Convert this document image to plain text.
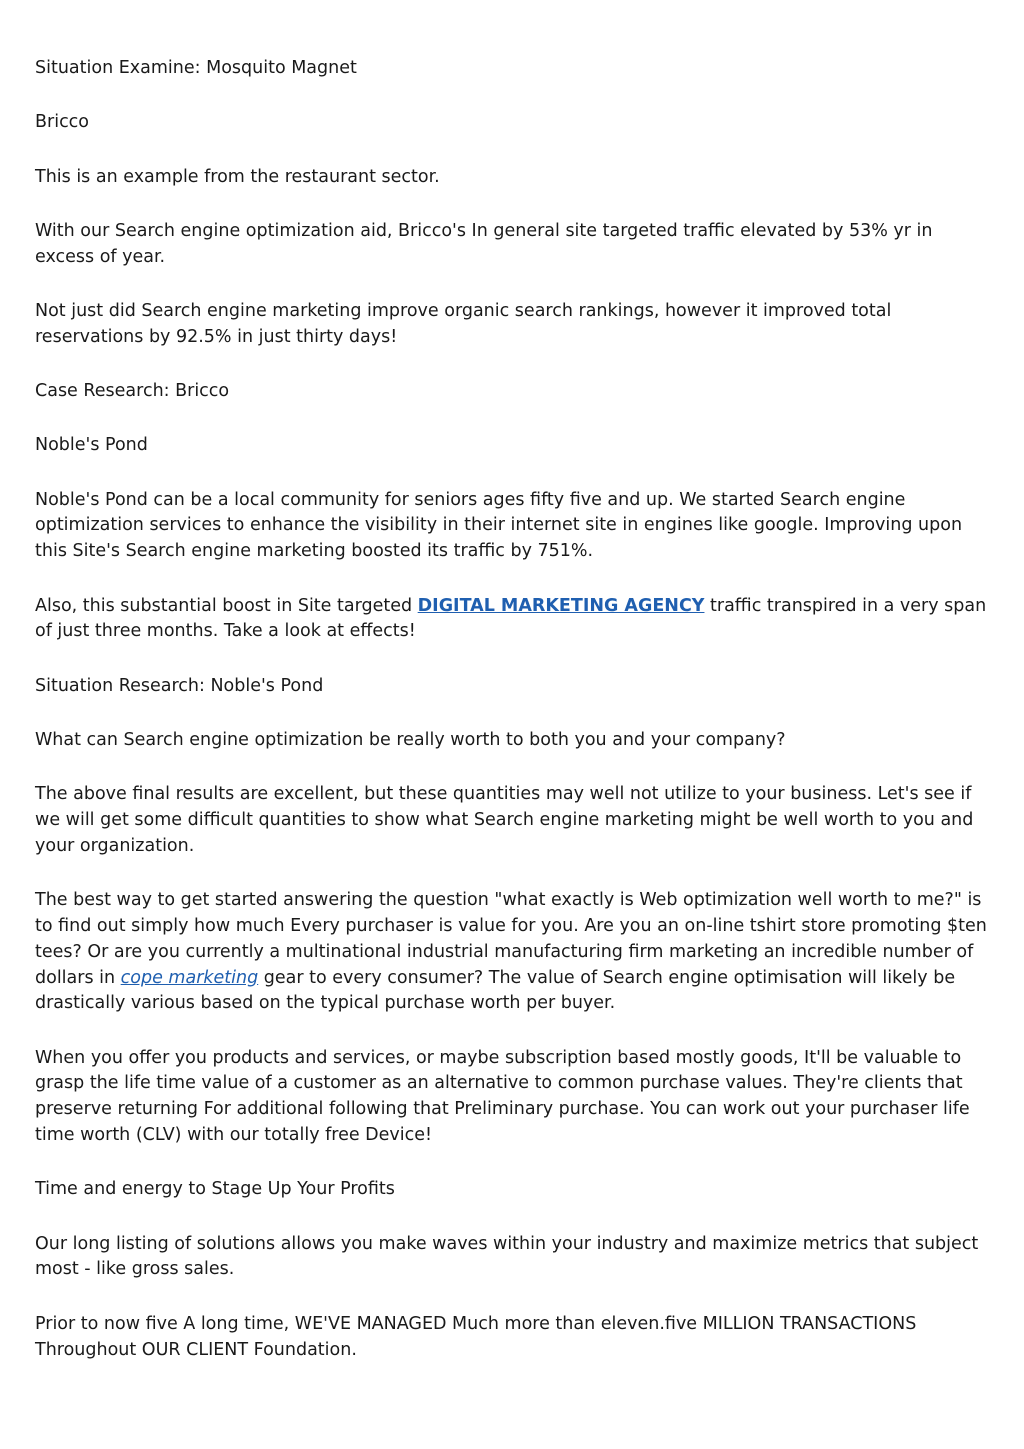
Situation Examine: Mosquito Magnet

Bricco

This is an example from the restaurant sector.

With our Search engine optimization aid, Bricco's In general site targeted traffic elevated by 53% yr in excess of year.

Not just did Search engine marketing improve organic search rankings, however it improved total reservations by 92.5% in just thirty days!

Case Research: Bricco

Noble's Pond

Noble's Pond can be a local community for seniors ages fifty five and up. We started Search engine optimization services to enhance the visibility in their internet site in engines like google. Improving upon this Site's Search engine marketing boosted its traffic by 751%.

Also, this substantial boost in Site targeted DIGITAL MARKETING AGENCY traffic transpired in a very span of just three months. Take a look at effects!

Situation Research: Noble's Pond

What can Search engine optimization be really worth to both you and your company?

The above final results are excellent, but these quantities may well not utilize to your business. Let's see if we will get some difficult quantities to show what Search engine marketing might be well worth to you and your organization.

The best way to get started answering the question "what exactly is Web optimization well worth to me?" is to find out simply how much Every purchaser is value for you. Are you an on-line tshirt store promoting $ten tees? Or are you currently a multinational industrial manufacturing firm marketing an incredible number of dollars in cope marketing gear to every consumer? The value of Search engine optimisation will likely be drastically various based on the typical purchase worth per buyer.

When you offer you products and services, or maybe subscription based mostly goods, It'll be valuable to grasp the life time value of a customer as an alternative to common purchase values. They're clients that preserve returning For additional following that Preliminary purchase. You can work out your purchaser life time worth (CLV) with our totally free Device!

Time and energy to Stage Up Your Profits

Our long listing of solutions allows you make waves within your industry and maximize metrics that subject most - like gross sales.

Prior to now five A long time, WE'VE MANAGED Much more than eleven.five MILLION TRANSACTIONS Throughout OUR CLIENT Foundation.
